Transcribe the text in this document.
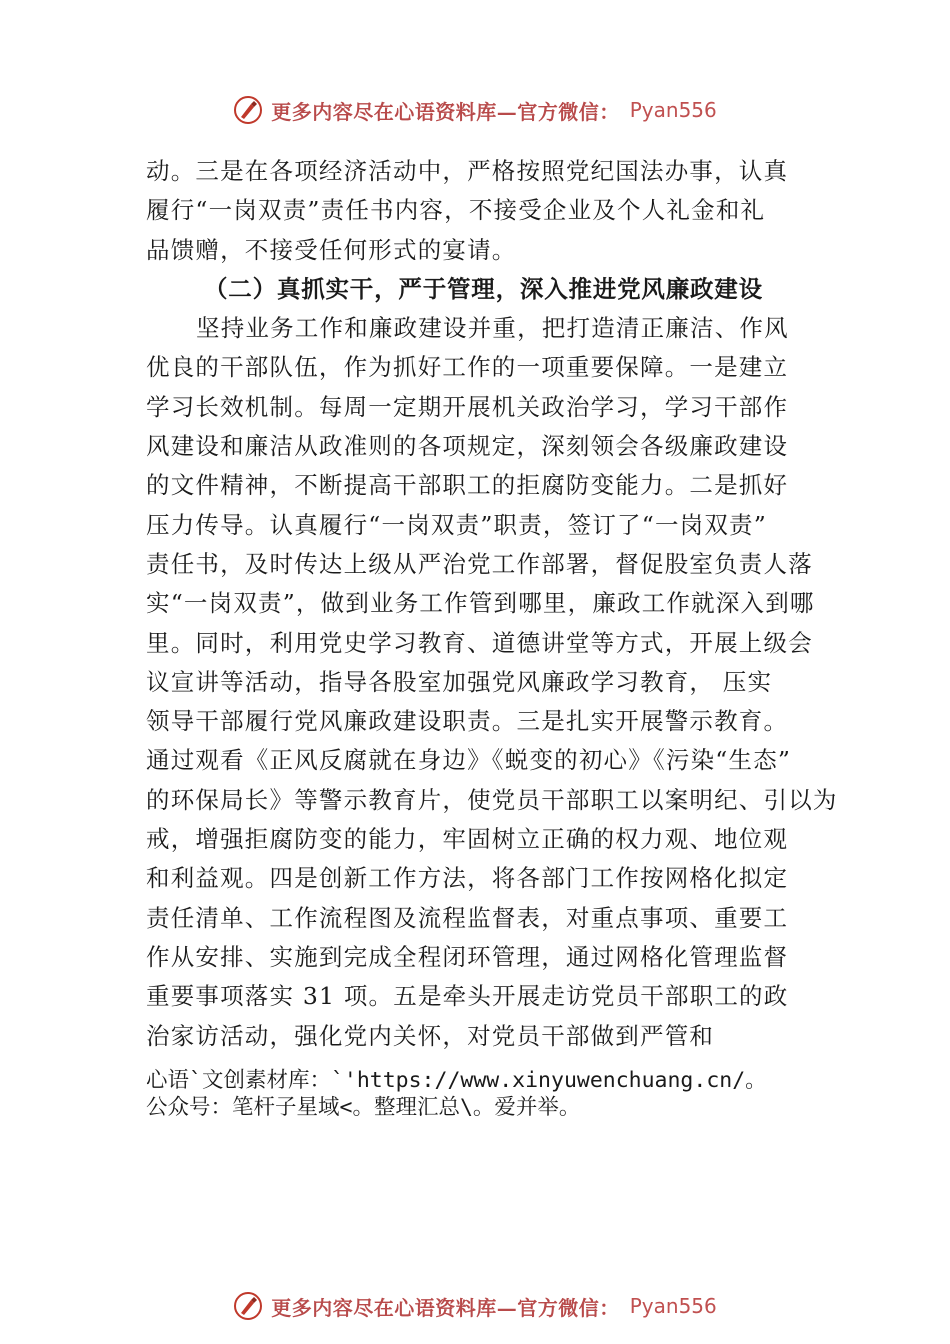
更多内容尽在心语资料库—官方微信： Pyan556
动。三是在各项经济活动中，严格按照党纪国法办事，认真
履行“一岗双责”责任书内容，不接受企业及个人礼金和礼
品馈赠，不接受任何形式的宴请。
（二）真抓实干，严于管理，深入推进党风廉政建设
坚持业务工作和廉政建设并重，把打造清正廉洁、作风
优良的干部队伍，作为抓好工作的一项重要保障。一是建立
学习长效机制。每周一定期开展机关政治学习，学习干部作
风建设和廉洁从政准则的各项规定，深刻领会各级廉政建设
的文件精神，不断提高干部职工的拒腐防变能力。二是抓好
压力传导。认真履行“一岗双责”职责，签订了“一岗双责”
责任书，及时传达上级从严治党工作部署，督促股室负责人落
实“一岗双责”，做到业务工作管到哪里，廉政工作就深入到哪
里。同时，利用党史学习教育、道德讲堂等方式，开展上级会
议宣讲等活动，指导各股室加强党风廉政学习教育， 压实
领导干部履行党风廉政建设职责。三是扎实开展警示教育。
通过观看《正风反腐就在身边》《蜕变的初心》《污染“生态”
的环保局长》等警示教育片，使党员干部职工以案明纪、引以为
戒，增强拒腐防变的能力，牢固树立正确的权力观、地位观
和利益观。四是创新工作方法，将各部门工作按网格化拟定
责任清单、工作流程图及流程监督表，对重点事项、重要工
作从安排、实施到完成全程闭环管理，通过网格化管理监督
重要事项落实 31 项。五是牵头开展走访党员干部职工的政
治家访活动，强化党内关怀，对党员干部做到严管和
心语`文创素材库：`'https://www.xinyuwenchuang.cn/。
公众号：笔杆子星域<。整理汇总\。爱并举。
更多内容尽在心语资料库—官方微信： Pyan556
